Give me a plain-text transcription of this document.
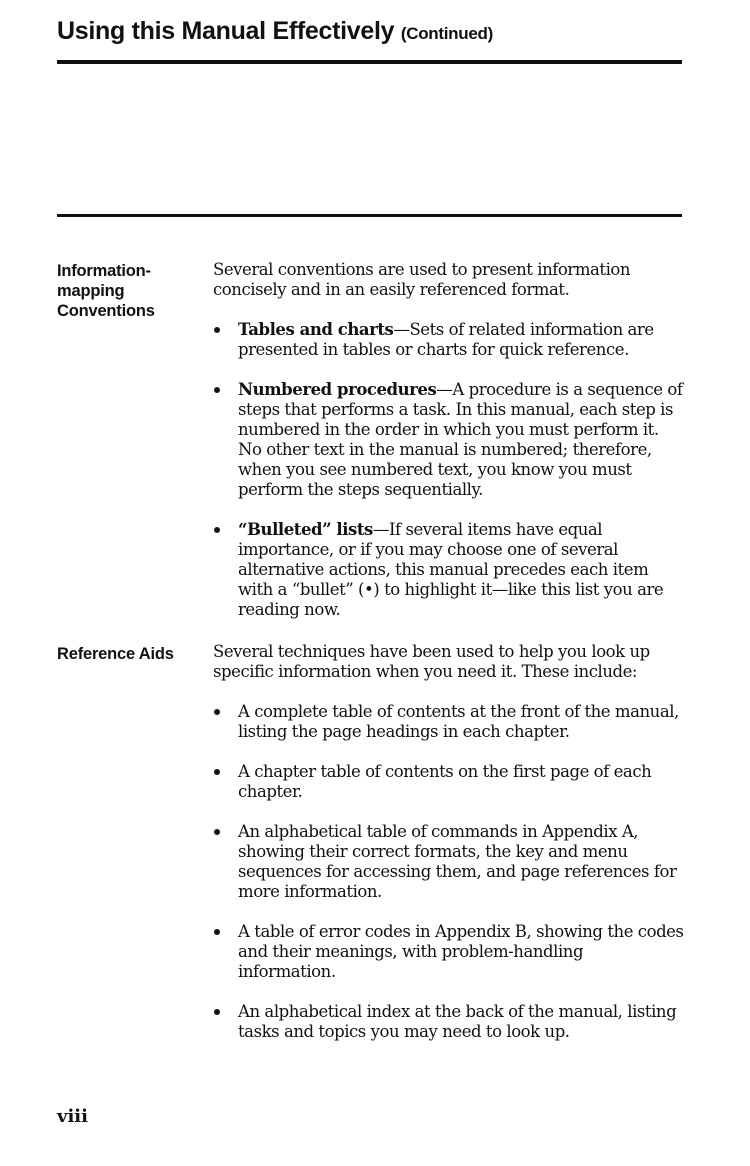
Using this Manual Effectively (Continued)
Information-
mapping
Conventions

Several conventions are used to present information concisely and in an easily referenced format.

Tables and charts—Sets of related information are presented in tables or charts for quick reference.
Numbered procedures—A procedure is a sequence of steps that performs a task. In this manual, each step is numbered in the order in which you must perform it. No other text in the manual is numbered; therefore, when you see numbered text, you know you must perform the steps sequentially.
“Bulleted” lists—If several items have equal importance, or if you may choose one of several alternative actions, this manual precedes each item with a “bullet” (•) to highlight it—like this list you are reading now.
Reference Aids	Several techniques have been used to help you look up specific information when you need it. These include:

A complete table of contents at the front of the manual, listing the page headings in each chapter.
A chapter table of contents on the first page of each chapter.
An alphabetical table of commands in Appendix A, showing their correct formats, the key and menu sequences for accessing them, and page references for more information.
A table of error codes in Appendix B, showing the codes and their meanings, with problem-handling information.
An alphabetical index at the back of the manual, listing tasks and topics you may need to look up.
viii
